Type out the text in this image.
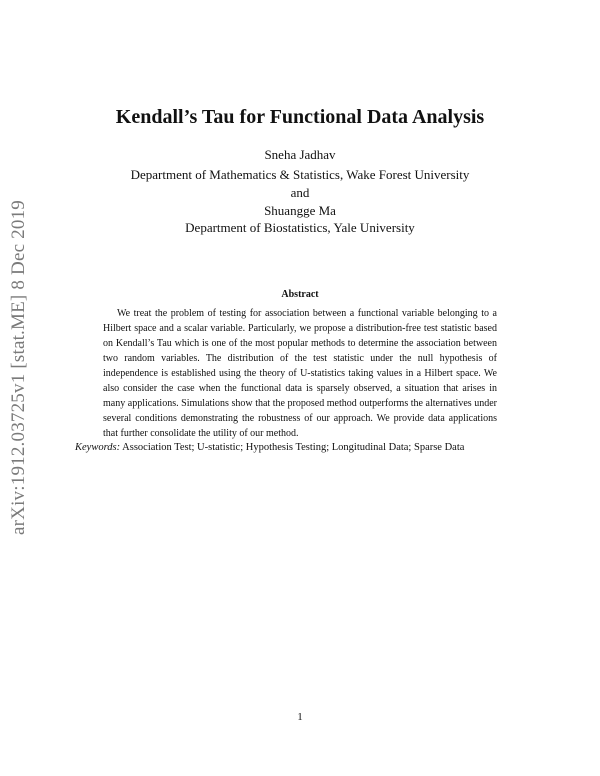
arXiv:1912.03725v1 [stat.ME] 8 Dec 2019
Kendall’s Tau for Functional Data Analysis
Sneha Jadhav
Department of Mathematics & Statistics, Wake Forest University
and
Shuangge Ma
Department of Biostatistics, Yale University
Abstract

We treat the problem of testing for association between a functional variable belonging to a Hilbert space and a scalar variable. Particularly, we propose a distribution-free test statistic based on Kendall’s Tau which is one of the most popular methods to determine the association between two random variables. The distribution of the test statistic under the null hypothesis of independence is established using the theory of U-statistics taking values in a Hilbert space. We also consider the case when the functional data is sparsely observed, a situation that arises in many applications. Simulations show that the proposed method outperforms the alternatives under several conditions demonstrating the robustness of our approach. We provide data applications that further consolidate the utility of our method.

Keywords: Association Test; U-statistic; Hypothesis Testing; Longitudinal Data; Sparse Data
1
